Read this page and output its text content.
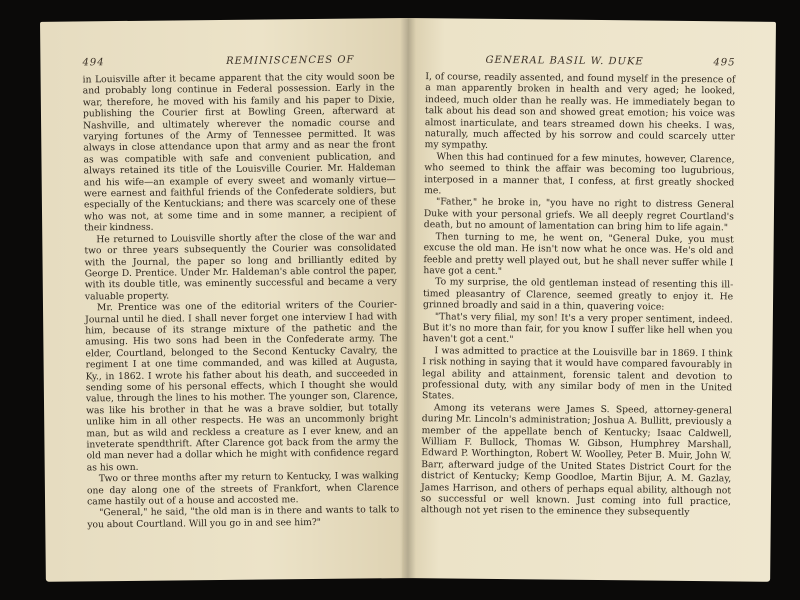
494	REMINISCENCES OF

in Louisville after it became apparent that the city would soon be and probably long continue in Federal possession. Early in the war, therefore, he moved with his family and his paper to Dixie, publishing the Courier first at Bowling Green, afterward at Nashville, and ultimately wherever the nomadic course and varying fortunes of the Army of Tennessee permitted. It was always in close attendance upon that army and as near the front as was compatible with safe and convenient publication, and always retained its title of the Louisville Courier. Mr. Haldeman and his wife—an example of every sweet and womanly virtue—were earnest and faithful friends of the Confederate soldiers, but especially of the Kentuckians; and there was scarcely one of these who was not, at some time and in some manner, a recipient of their kindness.

He returned to Louisville shortly after the close of the war and two or three years subsequently the Courier was consolidated with the Journal, the paper so long and brilliantly edited by George D. Prentice. Under Mr. Haldeman's able control the paper, with its double title, was eminently successful and became a very valuable property.

Mr. Prentice was one of the editorial writers of the Courier-Journal until he died. I shall never forget one interview I had with him, because of its strange mixture of the pathetic and the amusing. His two sons had been in the Confederate army. The elder, Courtland, belonged to the Second Kentucky Cavalry, the regiment I at one time commanded, and was killed at Augusta, Ky., in 1862. I wrote his father about his death, and succeeded in sending some of his personal effects, which I thought she would value, through the lines to his mother. The younger son, Clarence, was like his brother in that he was a brave soldier, but totally unlike him in all other respects. He was an uncommonly bright man, but as wild and reckless a creature as I ever knew, and an inveterate spendthrift. After Clarence got back from the army the old man never had a dollar which he might with confidence regard as his own.

Two or three months after my return to Kentucky, I was walking one day along one of the streets of Frankfort, when Clarence came hastily out of a house and accosted me.

"General," he said, "the old man is in there and wants to talk to you about Courtland. Will you go in and see him?"

GENERAL BASIL W. DUKE	495

I, of course, readily assented, and found myself in the presence of a man apparently broken in health and very aged; he looked, indeed, much older than he really was. He immediately began to talk about his dead son and showed great emotion; his voice was almost inarticulate, and tears streamed down his cheeks. I was, naturally, much affected by his sorrow and could scarcely utter my sympathy.

When this had continued for a few minutes, however, Clarence, who seemed to think the affair was becoming too lugubrious, interposed in a manner that, I confess, at first greatly shocked me.

"Father," he broke in, "you have no right to distress General Duke with your personal griefs. We all deeply regret Courtland's death, but no amount of lamentation can bring him to life again."

Then turning to me, he went on, "General Duke, you must excuse the old man. He isn't now what he once was. He's old and feeble and pretty well played out, but he shall never suffer while I have got a cent."

To my surprise, the old gentleman instead of resenting this ill-timed pleasantry of Clarence, seemed greatly to enjoy it. He grinned broadly and said in a thin, quavering voice:

"That's very filial, my son! It's a very proper sentiment, indeed. But it's no more than fair, for you know I suffer like hell when you haven't got a cent."

I was admitted to practice at the Louisville bar in 1869. I think I risk nothing in saying that it would have compared favourably in legal ability and attainment, forensic talent and devotion to professional duty, with any similar body of men in the United States.

Among its veterans were James S. Speed, attorney-general during Mr. Lincoln's administration; Joshua A. Bullitt, previously a member of the appellate bench of Kentucky; Isaac Caldwell, William F. Bullock, Thomas W. Gibson, Humphrey Marshall, Edward P. Worthington, Robert W. Woolley, Peter B. Muir, John W. Barr, afterward judge of the United States District Court for the district of Kentucky; Kemp Goodloe, Martin Bijur, A. M. Gazlay, James Harrison, and others of perhaps equal ability, although not so successful or well known. Just coming into full practice, although not yet risen to the eminence they subsequently
